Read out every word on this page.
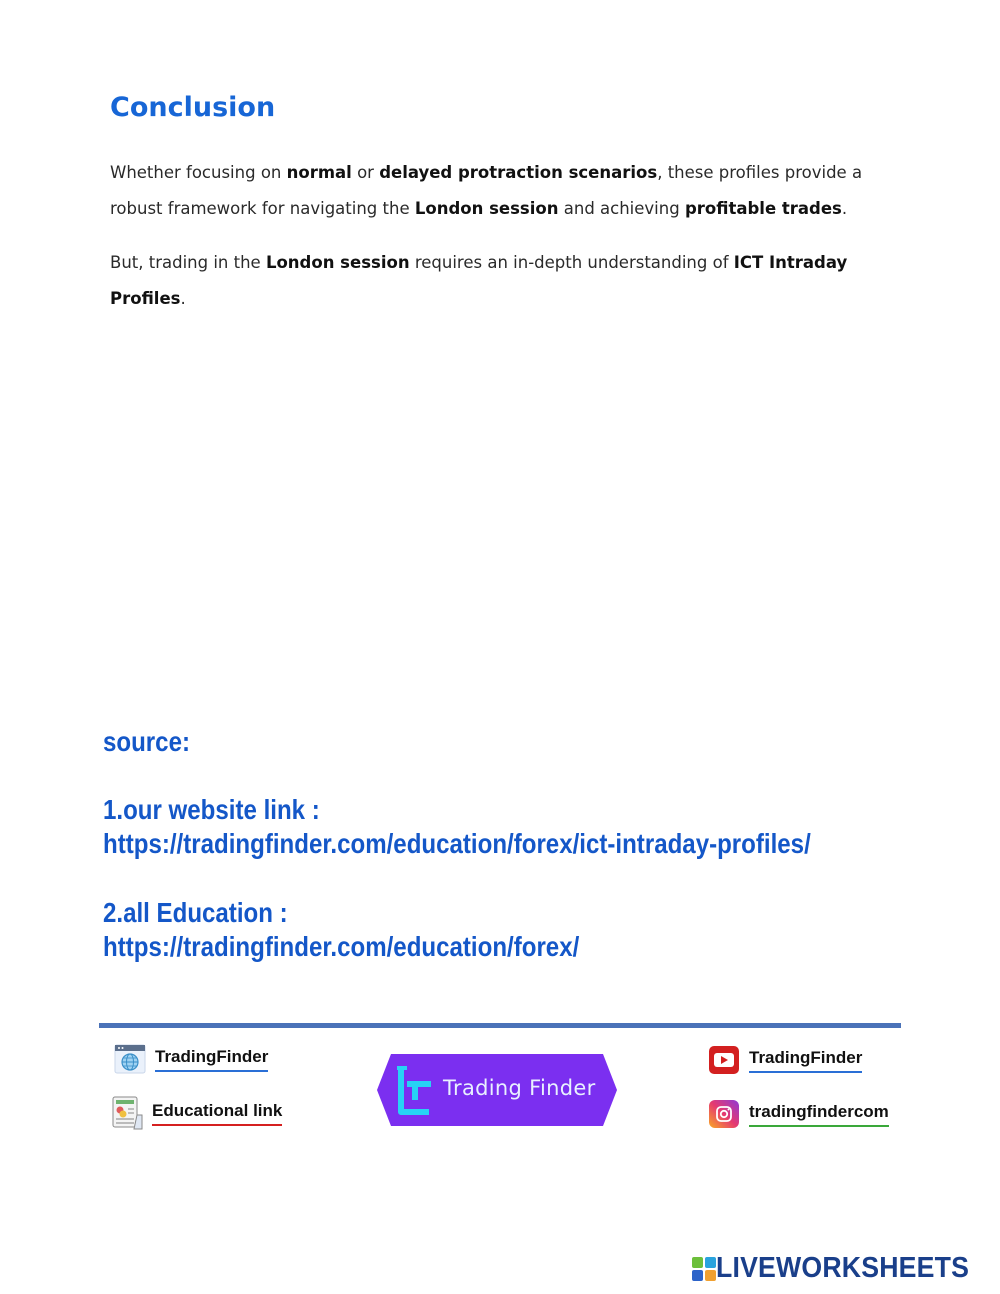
Conclusion

Whether focusing on normal or delayed protraction scenarios, these profiles provide a robust framework for navigating the London session and achieving profitable trades.

But, trading in the London session requires an in-depth understanding of ICT Intraday Profiles.

source:
1.our website link :
https://tradingfinder.com/education/forex/ict-intraday-profiles/
2.all Education :
https://tradingfinder.com/education/forex/
TradingFinder
Educational link
Trading Finder
TradingFinder
tradingfindercom
LIVEWORKSHEETS
